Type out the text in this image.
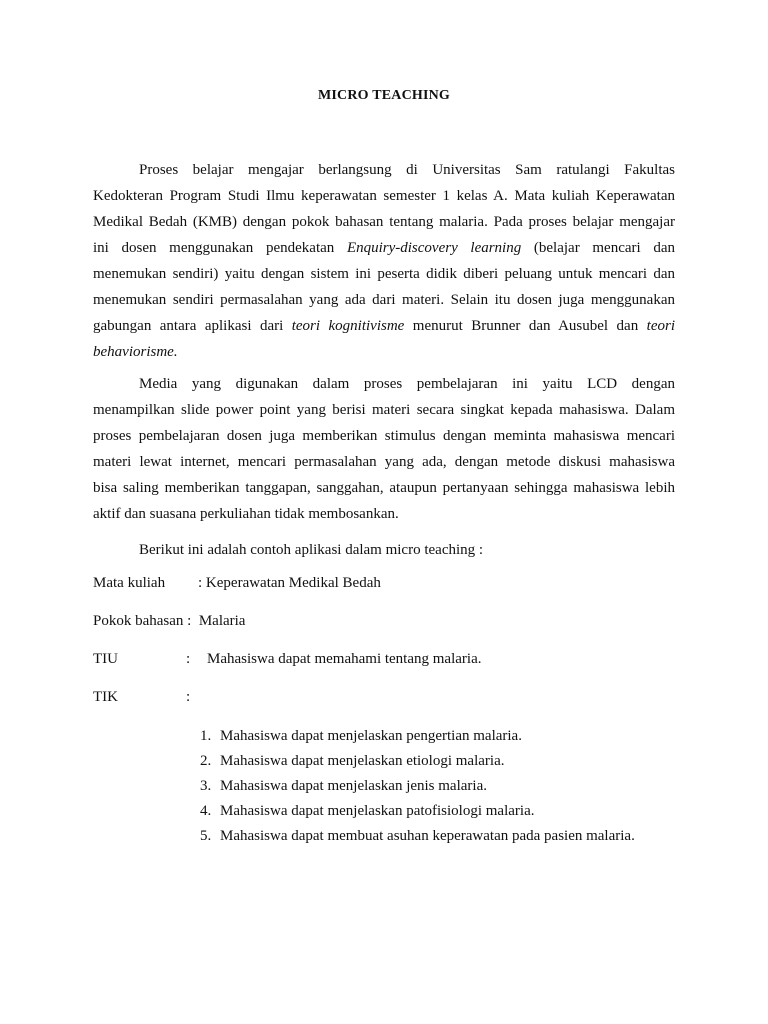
MICRO TEACHING
Proses belajar mengajar berlangsung di Universitas Sam ratulangi Fakultas
Kedokteran Program Studi Ilmu keperawatan semester 1 kelas A. Mata kuliah Keperawatan
Medikal Bedah (KMB) dengan pokok bahasan tentang malaria. Pada proses belajar mengajar
ini dosen menggunakan pendekatan Enquiry-discovery learning (belajar mencari dan
menemukan sendiri) yaitu dengan sistem ini peserta didik diberi peluang untuk mencari dan
menemukan sendiri permasalahan yang ada dari materi. Selain itu dosen juga menggunakan
gabungan antara aplikasi dari teori kognitivisme menurut Brunner dan Ausubel dan teori
behaviorisme.
Media yang digunakan dalam proses pembelajaran ini yaitu LCD dengan
menampilkan slide power point yang berisi materi secara singkat kepada mahasiswa. Dalam
proses pembelajaran dosen juga memberikan stimulus dengan meminta mahasiswa mencari
materi lewat internet, mencari permasalahan yang ada, dengan metode diskusi mahasiswa
bisa saling memberikan tanggapan, sanggahan, ataupun pertanyaan sehingga mahasiswa lebih
aktif dan suasana perkuliahan tidak membosankan.
Berikut ini adalah contoh aplikasi dalam micro teaching :
Mata kuliah : Keperawatan Medikal Bedah
Pokok bahasan :  Malaria
TIU	: Mahasiswa dapat memahami tentang malaria.
TIK	:
1. Mahasiswa dapat menjelaskan pengertian malaria.
2. Mahasiswa dapat menjelaskan etiologi malaria.
3. Mahasiswa dapat menjelaskan jenis malaria.
4. Mahasiswa dapat menjelaskan patofisiologi malaria.
5. Mahasiswa dapat membuat asuhan keperawatan pada pasien malaria.
